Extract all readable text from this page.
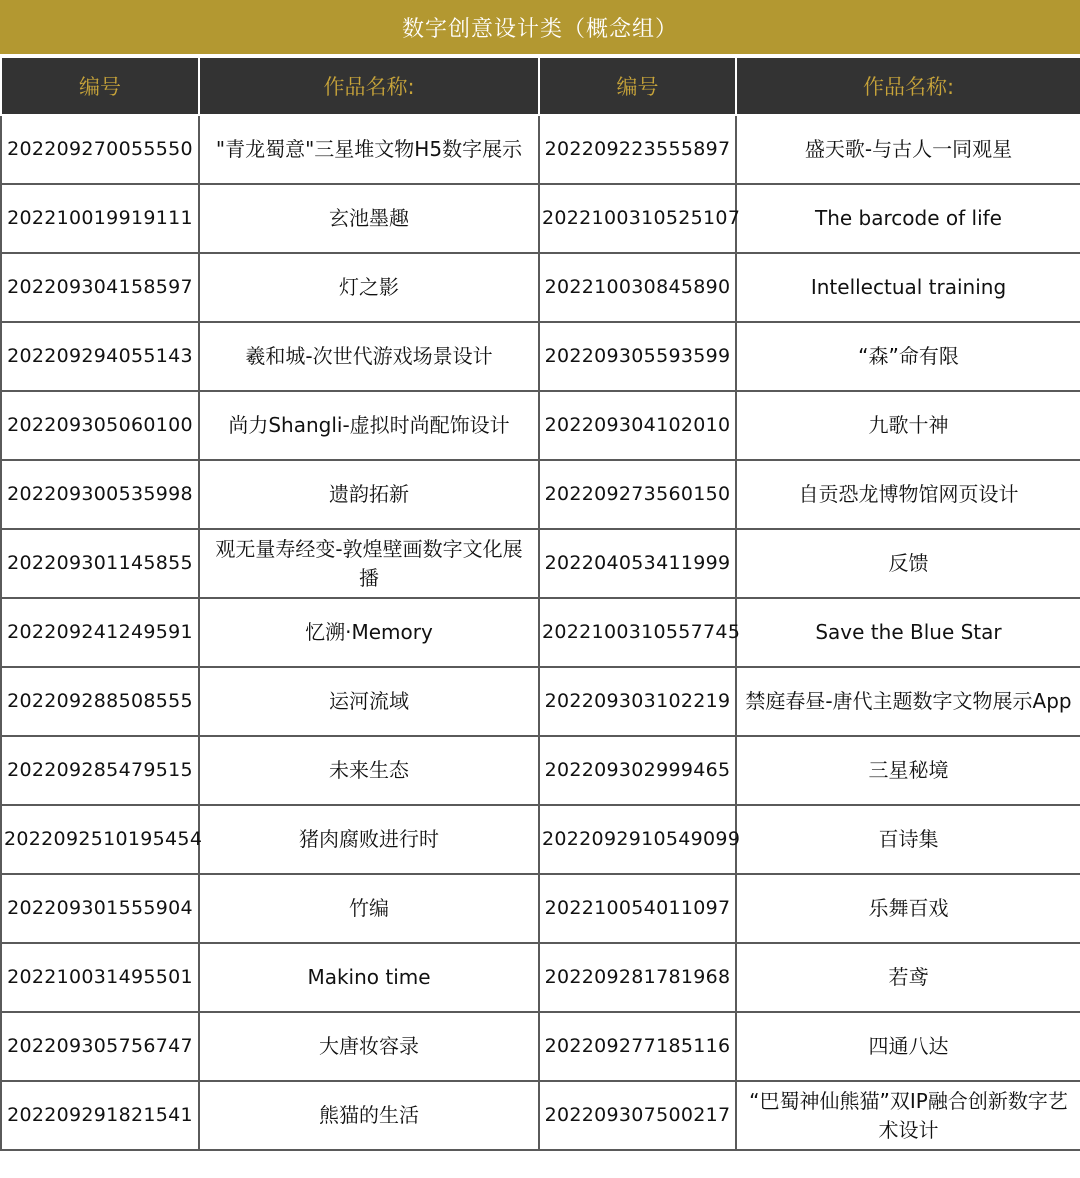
数字创意设计类（概念组）
编号	作品名称:	编号	作品名称:
202209270055550	"青龙蜀意"三星堆文物H5数字展示	202209223555897	盛天歌-与古人一同观星
202210019919111	玄池墨趣	2022100310525107	The barcode of life
202209304158597	灯之影	202210030845890	Intellectual training
202209294055143	羲和城-次世代游戏场景设计	202209305593599	“森”命有限
202209305060100	尚力Shangli-虚拟时尚配饰设计	202209304102010	九歌十神
202209300535998	遗韵拓新	202209273560150	自贡恐龙博物馆网页设计
202209301145855	观无量寿经变-敦煌壁画数字文化展播	202204053411999	反馈
202209241249591	忆溯·Memory	2022100310557745	Save the Blue Star
202209288508555	运河流域	202209303102219	禁庭春昼-唐代主题数字文物展示App
202209285479515	未来生态	202209302999465	三星秘境
2022092510195454	猪肉腐败进行时	2022092910549099	百诗集
202209301555904	竹编	202210054011097	乐舞百戏
202210031495501	Makino time	202209281781968	若鸢
202209305756747	大唐妆容录	202209277185116	四通八达
202209291821541	熊猫的生活	202209307500217	“巴蜀神仙熊猫”双IP融合创新数字艺术设计
